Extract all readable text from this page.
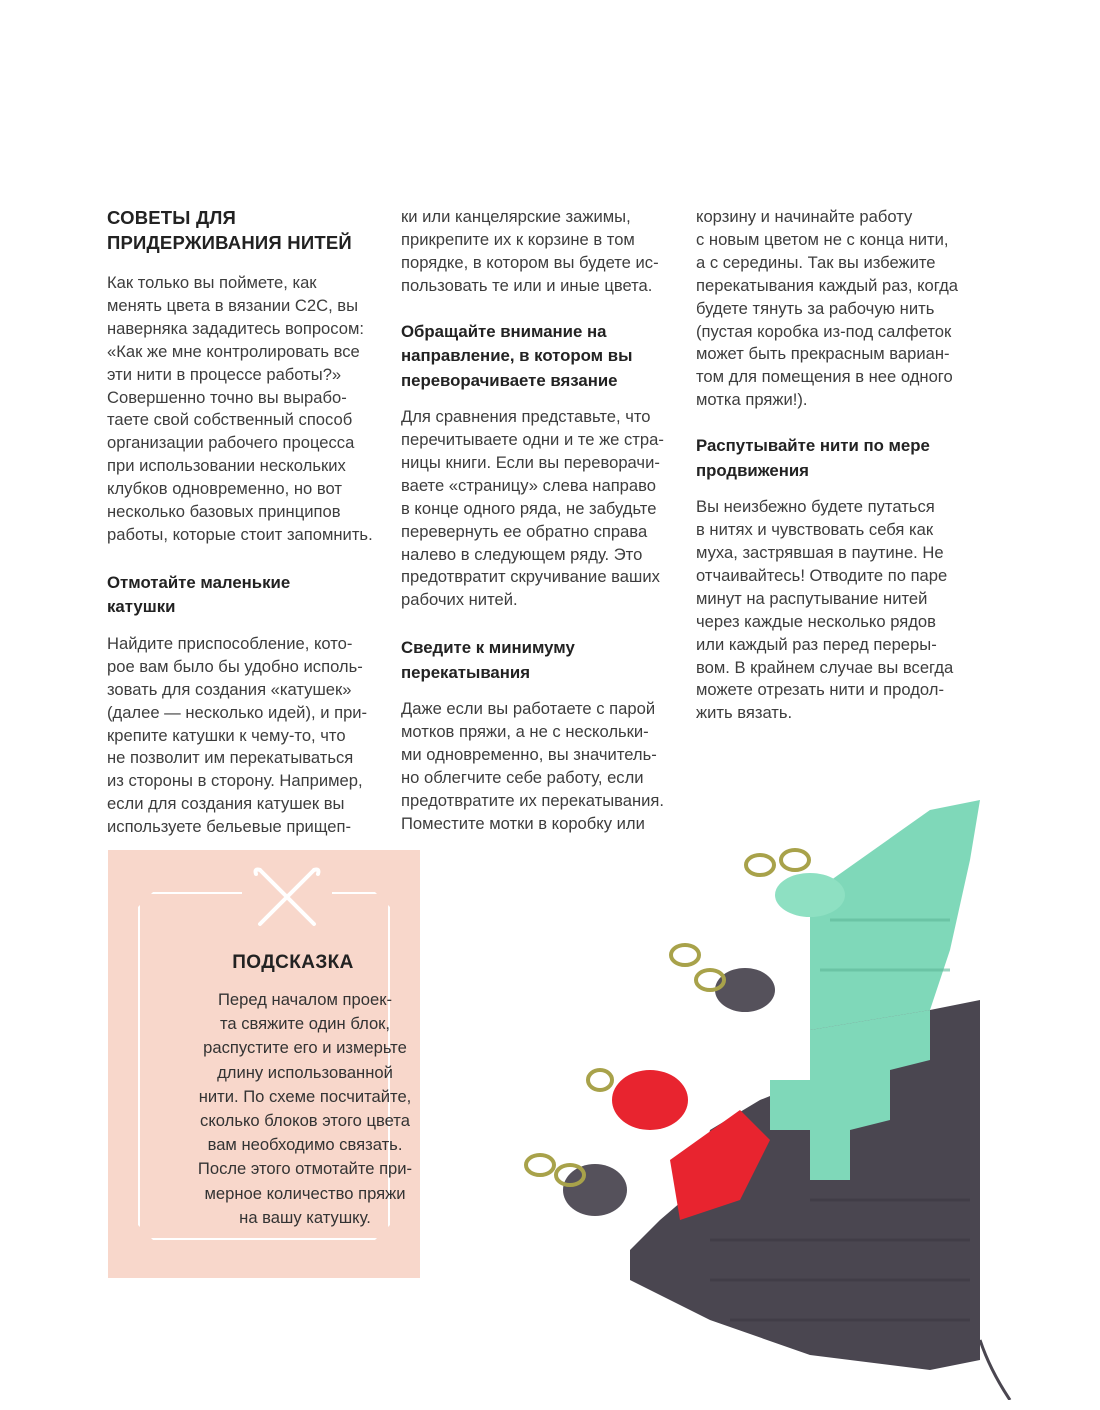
СОВЕТЫ ДЛЯ
ПРИДЕРЖИВАНИЯ НИТЕЙ

Как только вы поймете, как
менять цвета в вязании C2C, вы
наверняка зададитесь вопросом:
«Как же мне контролировать все
эти нити в процессе работы?»
Совершенно точно вы вырабо-
таете свой собственный способ
организации рабочего процесса
при использовании нескольких
клубков одновременно, но вот
несколько базовых принципов
работы, которые стоит запомнить.

Отмотайте маленькие
катушки

Найдите приспособление, кото-
рое вам было бы удобно исполь-
зовать для создания «катушек»
(далее — несколько идей), и при-
крепите катушки к чему-то, что
не позволит им перекатываться
из стороны в сторону. Например,
если для создания катушек вы
используете бельевые прищеп-

ки или канцелярские зажимы,
прикрепите их к корзине в том
порядке, в котором вы будете ис-
пользовать те или и иные цвета.

Обращайте внимание на
направление, в котором вы
переворачиваете вязание

Для сравнения представьте, что
перечитываете одни и те же стра-
ницы книги. Если вы переворачи-
ваете «страницу» слева направо
в конце одного ряда, не забудьте
перевернуть ее обратно справа
налево в следующем ряду. Это
предотвратит скручивание ваших
рабочих нитей.

Сведите к минимуму
перекатывания

Даже если вы работаете с парой
мотков пряжи, а не с нескольки-
ми одновременно, вы значитель-
но облегчите себе работу, если
предотвратите их перекатывания.
Поместите мотки в коробку или

корзину и начинайте работу
с новым цветом не с конца нити,
а с середины. Так вы избежите
перекатывания каждый раз, когда
будете тянуть за рабочую нить
(пустая коробка из-под салфеток
может быть прекрасным вариан-
том для помещения в нее одного
мотка пряжи!).

Распутывайте нити по мере
продвижения

Вы неизбежно будете путаться
в нитях и чувствовать себя как
муха, застрявшая в паутине. Не
отчаивайтесь! Отводите по паре
минут на распутывание нитей
через каждые несколько рядов
или каждый раз перед переры-
вом. В крайнем случае вы всегда
можете отрезать нити и продол-
жить вязать.

ПОДСКАЗКА
Перед началом проек-
та свяжите один блок,
распустите его и измерьте
длину использованной
нити. По схеме посчитайте,
сколько блоков этого цвета
вам необходимо связать.
После этого отмотайте при-
мерное количество пряжи
на вашу катушку.
